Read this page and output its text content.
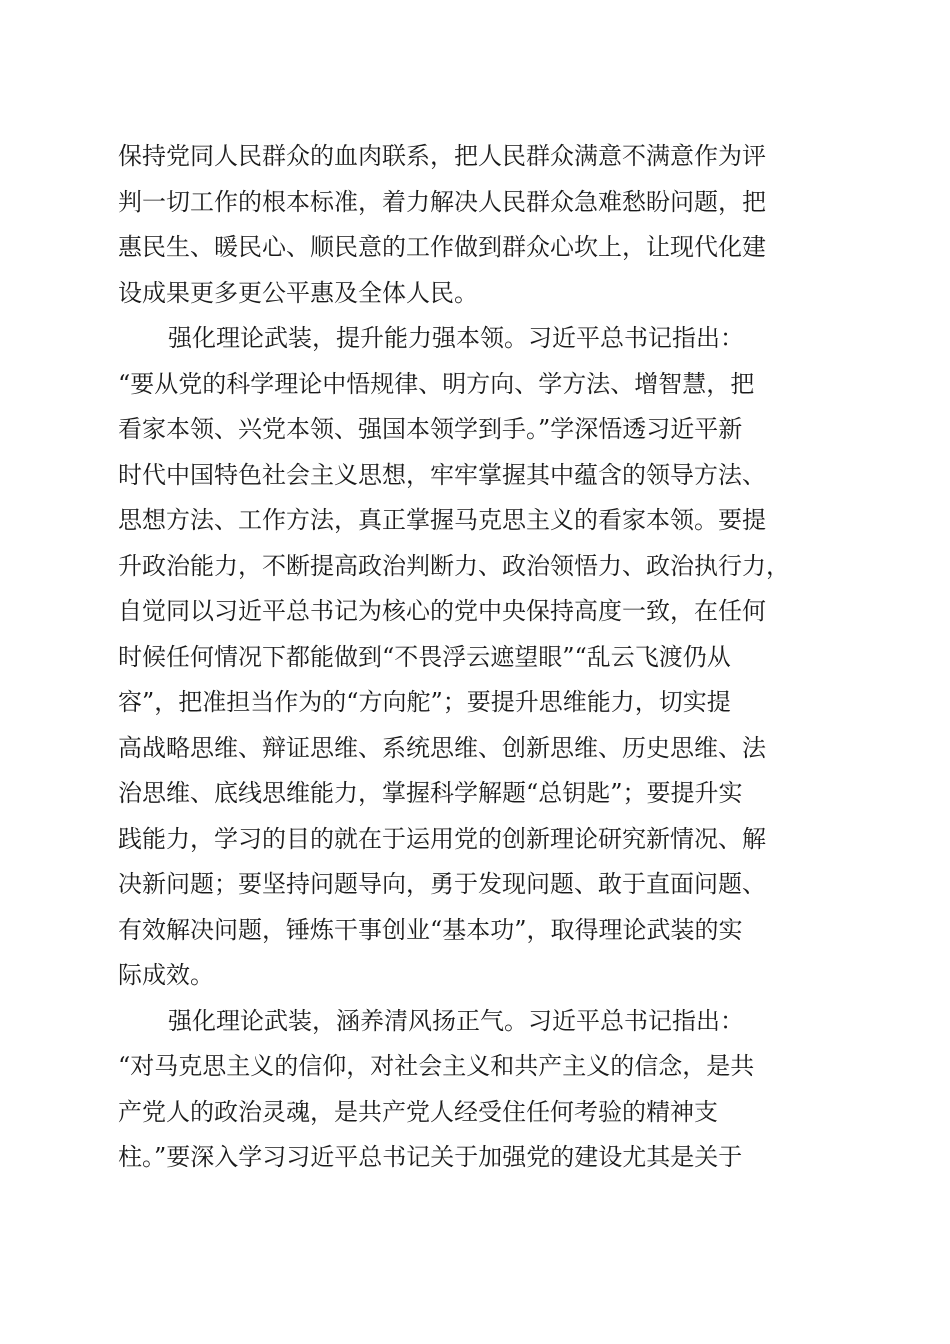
保持党同人民群众的血肉联系，把人民群众满意不满意作为评
判一切工作的根本标准，着力解决人民群众急难愁盼问题，把
惠民生、暖民心、顺民意的工作做到群众心坎上，让现代化建
设成果更多更公平惠及全体人民。
强化理论武装，提升能力强本领。习近平总书记指出：
“要从党的科学理论中悟规律、明方向、学方法、增智慧，把
看家本领、兴党本领、强国本领学到手。”学深悟透习近平新
时代中国特色社会主义思想，牢牢掌握其中蕴含的领导方法、
思想方法、工作方法，真正掌握马克思主义的看家本领。要提
升政治能力，不断提高政治判断力、政治领悟力、政治执行力，
自觉同以习近平总书记为核心的党中央保持高度一致，在任何
时候任何情况下都能做到“不畏浮云遮望眼”“乱云飞渡仍从
容”，把准担当作为的“方向舵”；要提升思维能力，切实提
高战略思维、辩证思维、系统思维、创新思维、历史思维、法
治思维、底线思维能力，掌握科学解题“总钥匙”；要提升实
践能力，学习的目的就在于运用党的创新理论研究新情况、解
决新问题；要坚持问题导向，勇于发现问题、敢于直面问题、
有效解决问题，锤炼干事创业“基本功”，取得理论武装的实
际成效。
强化理论武装，涵养清风扬正气。习近平总书记指出：
“对马克思主义的信仰，对社会主义和共产主义的信念，是共
产党人的政治灵魂，是共产党人经受住任何考验的精神支
柱。”要深入学习习近平总书记关于加强党的建设尤其是关于
